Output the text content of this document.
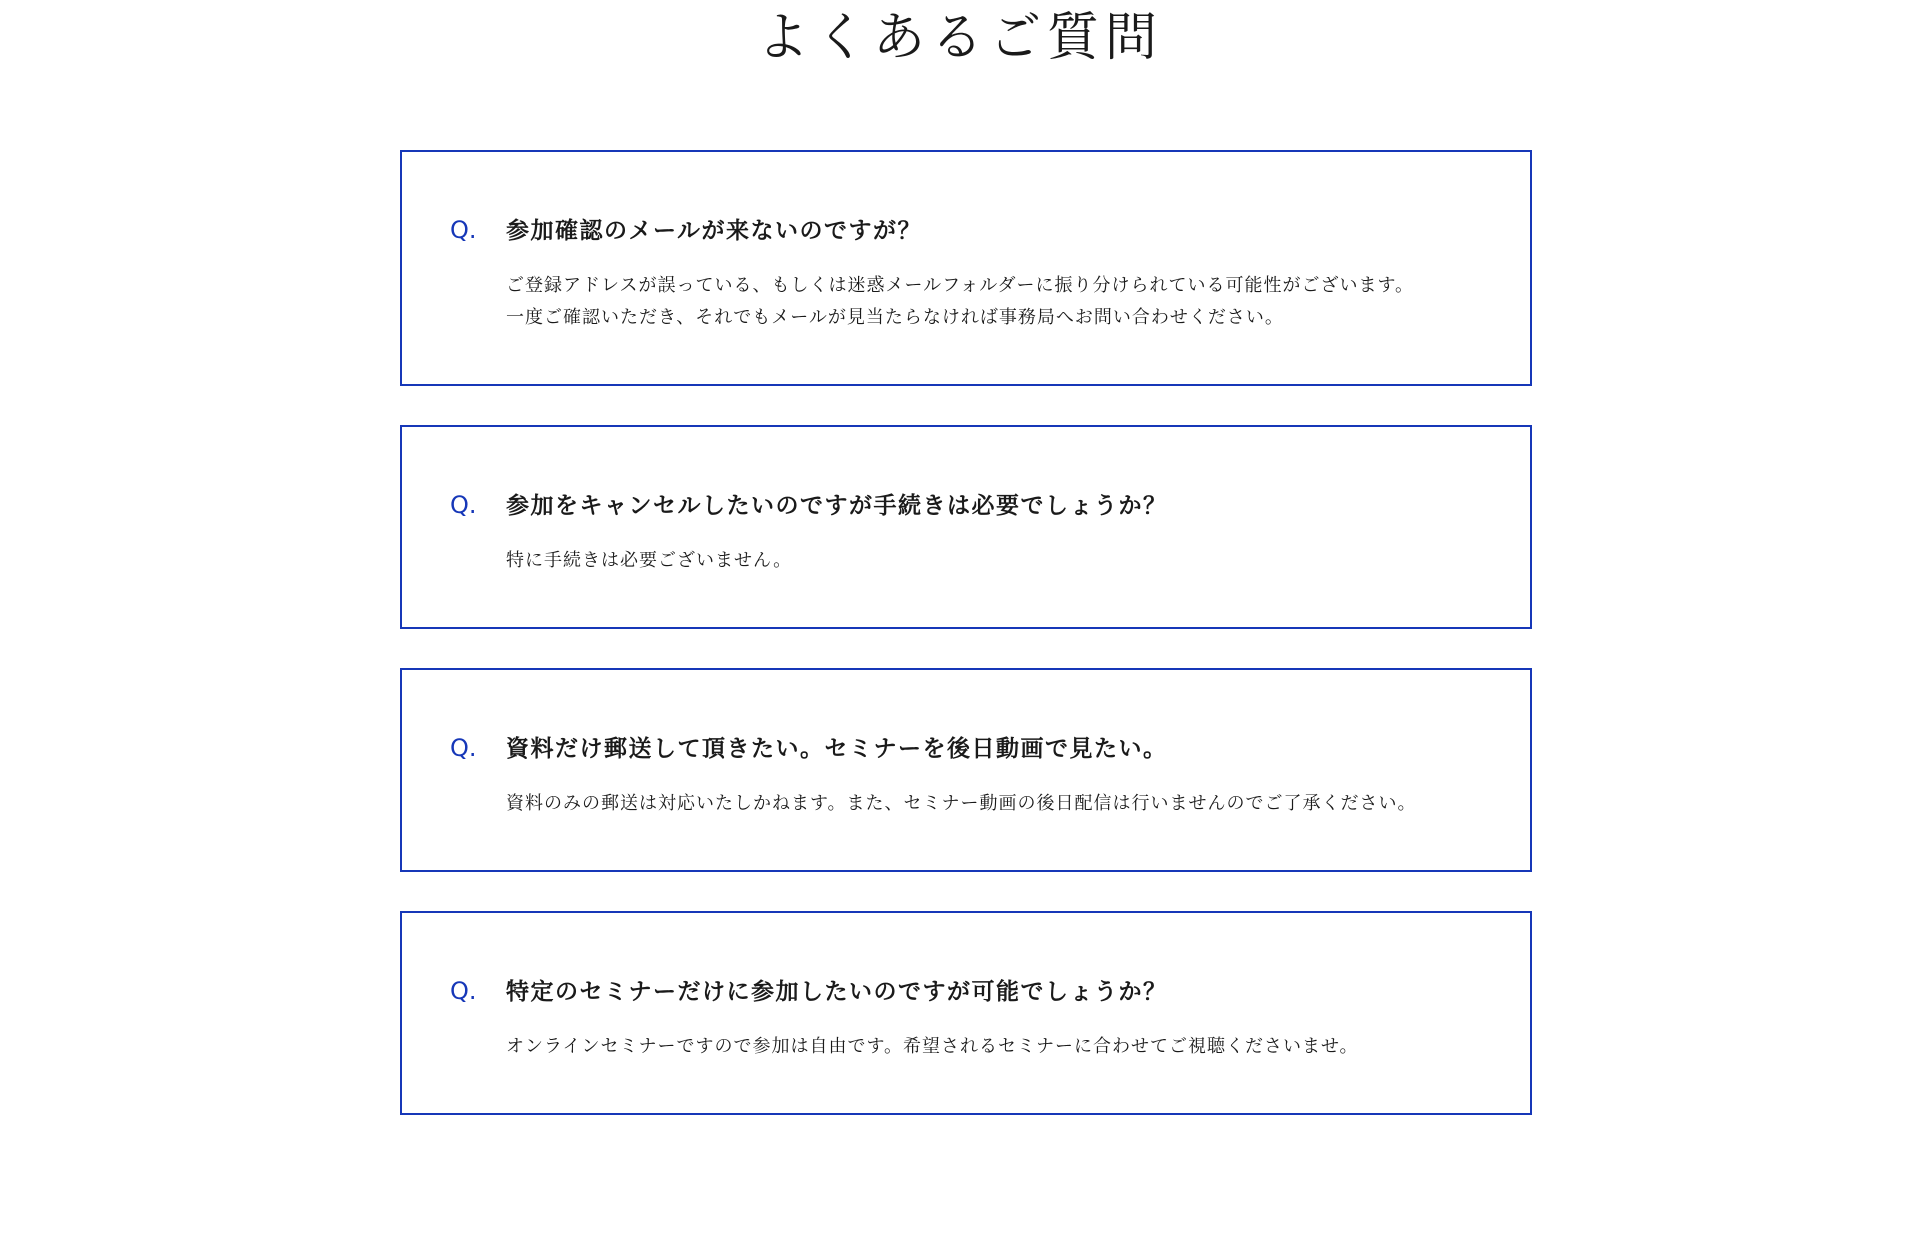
よくあるご質問
Q.	参加確認のメールが来ないのですが？

ご登録アドレスが誤っている、もしくは迷惑メールフォルダーに振り分けられている可能性がございます。
一度ご確認いただき、それでもメールが見当たらなければ事務局へお問い合わせください。

Q.	参加をキャンセルしたいのですが手続きは必要でしょうか？

特に手続きは必要ございません。

Q.	資料だけ郵送して頂きたい。セミナーを後日動画で見たい。

資料のみの郵送は対応いたしかねます。また、セミナー動画の後日配信は行いませんのでご了承ください。

Q.	特定のセミナーだけに参加したいのですが可能でしょうか？

オンラインセミナーですので参加は自由です。希望されるセミナーに合わせてご視聴くださいませ。
